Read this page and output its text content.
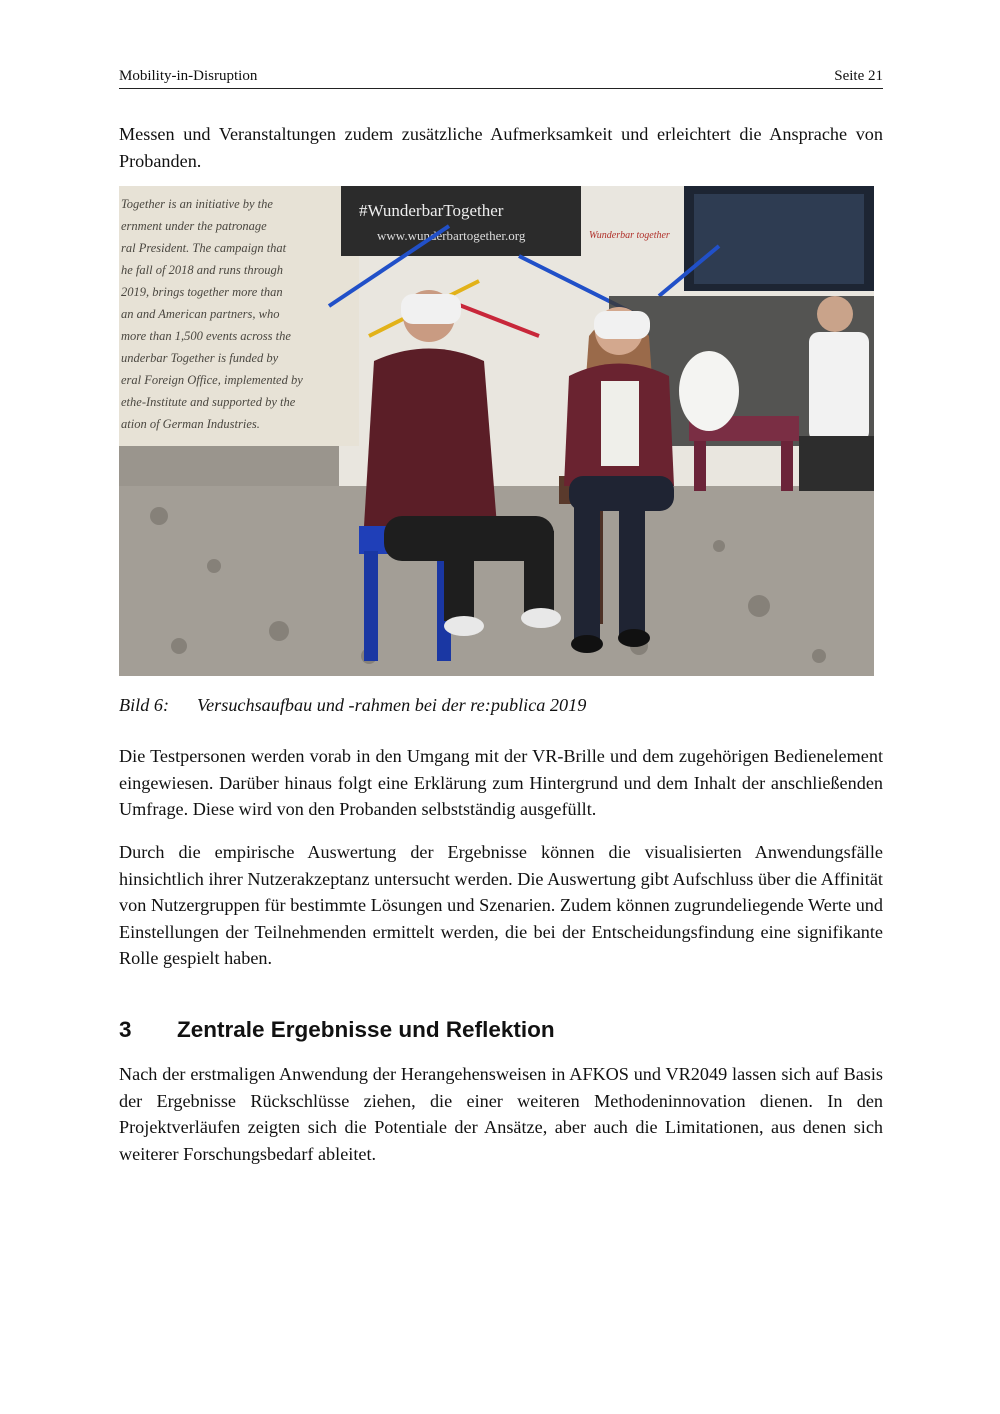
Mobility-in-Disruption	Seite 21

Messen und Veranstaltungen zudem zusätzliche Aufmerksamkeit und erleichtert die Ansprache von Probanden.

Together is an initiative by the
ernment under the patronage
ral President. The campaign that
he fall of 2018 and runs through
2019, brings together more than
an and American partners, who
more than 1,500 events across the
underbar Together is funded by
eral Foreign Office, implemented by
ethe-Institute and supported by the
ation of German Industries.
#WunderbarTogether
www.wunderbartogether.org	Wunderbar together
Bild 6: Versuchsaufbau und -rahmen bei der re:publica 2019

Die Testpersonen werden vorab in den Umgang mit der VR-Brille und dem zugehörigen Bedienelement eingewiesen. Darüber hinaus folgt eine Erklärung zum Hintergrund und dem Inhalt der anschließenden Umfrage. Diese wird von den Probanden selbstständig ausgefüllt.

Durch die empirische Auswertung der Ergebnisse können die visualisierten Anwendungsfälle hinsichtlich ihrer Nutzerakzeptanz untersucht werden. Die Auswertung gibt Aufschluss über die Affinität von Nutzergruppen für bestimmte Lösungen und Szenarien. Zudem können zugrundeliegende Werte und Einstellungen der Teilnehmenden ermittelt werden, die bei der Entscheidungsfindung eine signifikante Rolle gespielt haben.

3 Zentrale Ergebnisse und Reflektion

Nach der erstmaligen Anwendung der Herangehensweisen in AFKOS und VR2049 lassen sich auf Basis der Ergebnisse Rückschlüsse ziehen, die einer weiteren Methodeninnovation dienen. In den Projektverläufen zeigten sich die Potentiale der Ansätze, aber auch die Limitationen, aus denen sich weiterer Forschungsbedarf ableitet.
